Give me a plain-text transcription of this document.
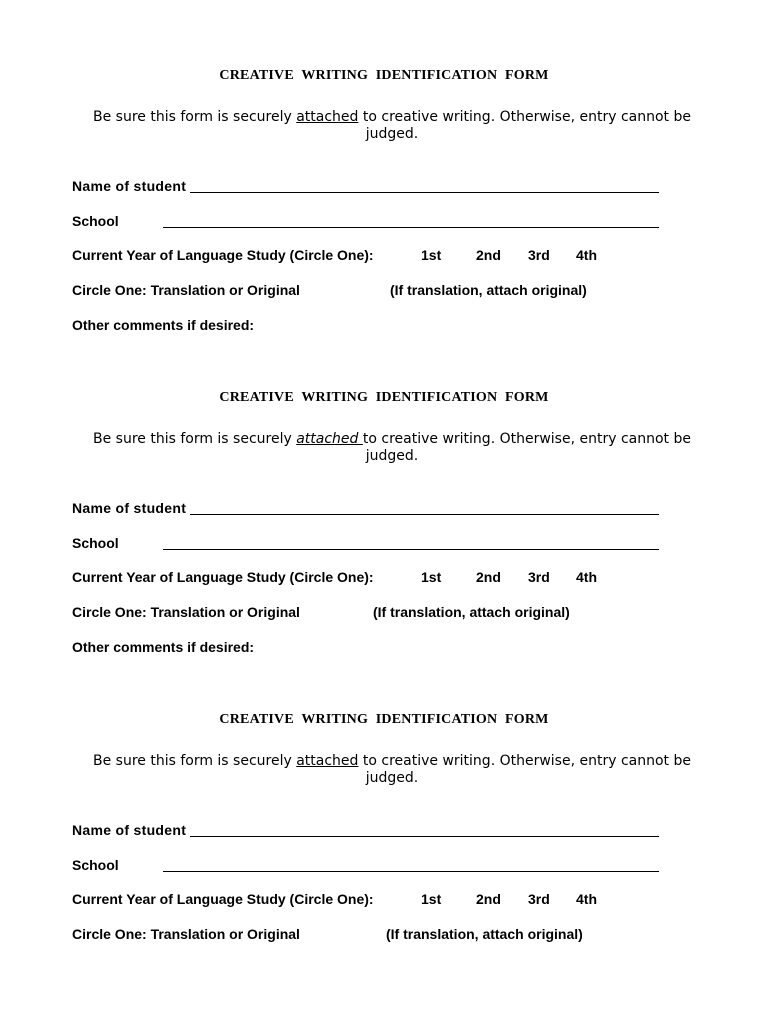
CREATIVE WRITING IDENTIFICATION FORM
Be sure this form is securely attached to creative writing. Otherwise, entry cannot be judged.
Name of student
School
Current Year of Language Study (Circle One):	1st 2nd 3rd 4th
Circle One: Translation or Original	(If translation, attach original)
Other comments if desired:
CREATIVE WRITING IDENTIFICATION FORM
Be sure this form is securely attached to creative writing. Otherwise, entry cannot be judged.
Name of student
School
Current Year of Language Study (Circle One):	1st 2nd 3rd 4th
Circle One: Translation or Original	(If translation, attach original)
Other comments if desired:
CREATIVE WRITING IDENTIFICATION FORM
Be sure this form is securely attached to creative writing. Otherwise, entry cannot be judged.
Name of student
School
Current Year of Language Study (Circle One):	1st 2nd 3rd 4th
Circle One: Translation or Original	(If translation, attach original)
